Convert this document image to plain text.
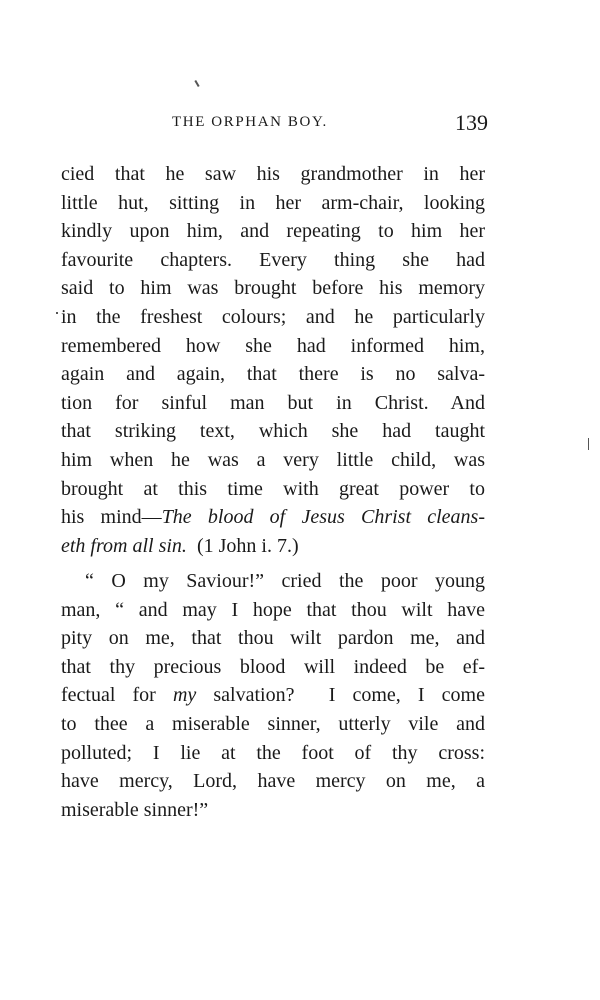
THE ORPHAN BOY.	139
cied that he saw his grandmother in her
little hut, sitting in her arm-chair, looking
kindly upon him, and repeating to him her
favourite chapters. Every thing she had
said to him was brought before his memory
in the freshest colours; and he particularly
remembered how she had informed him,
again and again, that there is no salva-
tion for sinful man but in Christ. And
that striking text, which she had taught
him when he was a very little child, was
brought at this time with great power to
his mind—The blood of Jesus Christ cleans-
eth from all sin.  (1 John i. 7.)
“ O my Saviour!” cried the poor young
man, “ and may I hope that thou wilt have
pity on me, that thou wilt pardon me, and
that thy precious blood will indeed be ef-
fectual for my salvation?  I come, I come
to thee a miserable sinner, utterly vile and
polluted; I lie at the foot of thy cross:
have mercy, Lord, have mercy on me, a
miserable sinner!”
